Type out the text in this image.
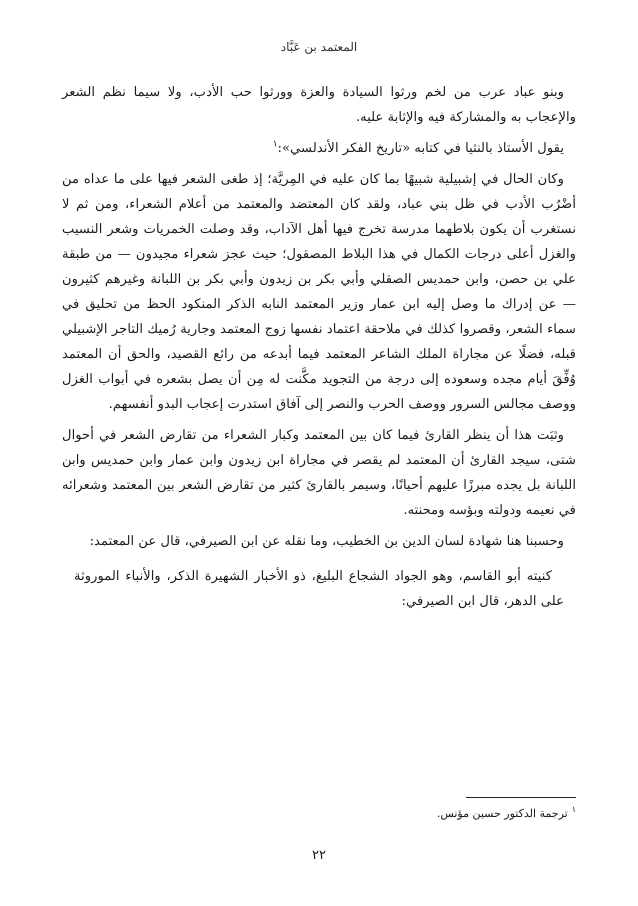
المعتمد بن عَبَّاد

وبنو عباد عرب من لخم ورثوا السيادة والعزة وورثوا حب الأدب، ولا سيما نظم الشعر والإعجاب به والمشاركة فيه والإثابة عليه.

يقول الأستاذ بالنثيا في كتابه «تاريخ الفكر الأندلسي»:$^١$

وكان الحال في إشبيلية شبيهًا بما كان عليه في المِريَّة؛ إذ طغى الشعر فيها على ما عداه من أضْرُب الأدب في ظل بني عباد، ولقد كان المعتضد والمعتمد من أعلام الشعراء، ومن ثم لا نستغرب أن يكون بلاطهما مدرسة تخرج فيها أهل الآداب، وقد وصلت الخمريات وشعر النسيب والغزل أعلى درجات الكمال في هذا البلاط المصقول؛ حيث عجز شعراء مجيدون — من طبقة علي بن حصن، وابن حمديس الصقلي وأبي بكر بن زيدون وأبي بكر بن اللبانة وغيرهم كثيرون — عن إدراك ما وصل إليه ابن عمار وزير المعتمد النابه الذكر المنكود الحظ من تحليق في سماء الشعر، وقصروا كذلك في ملاحقة اعتماد نفسها زوج المعتمد وجارية رُميك التاجر الإشبيلي قبله، فضلًا عن مجاراة الملك الشاعر المعتمد فيما أبدعه من رائع القصيد، والحق أن المعتمد وُفِّقَ أيام مجده وسعوده إلى درجة من التجويد مكَّنت له مِن أن يصل بشعره في أبواب الغزل ووصف مجالس السرور ووصف الحرب والنصر إلى آفاق استدرت إعجاب البدو أنفسهم.

وثبَت هذا أن ينظر القارئ فيما كان بين المعتمد وكبار الشعراء من تقارض الشعر في أحوال شتى، سيجد القارئ أن المعتمد لم يقصر في مجاراة ابن زيدون وابن عمار وابن حمديس وابن اللبانة بل يجده مبرزًا عليهم أحيانًا، وسيمر بالقارئ كثير من تقارض الشعر بين المعتمد وشعرائه في نعيمه ودولته وبؤسه ومحنته.

وحسبنا هنا شهادة لسان الدين بن الخطيب، وما نقله عن ابن الصيرفي، قال عن المعتمد:

كنيته أبو القاسم، وهو الجواد الشجاع البليغ، ذو الأخبار الشهيرة الذكر، والأنباء الموروثة على الدهر، قال ابن الصيرفي:

$^١$ترجمة الدكتور حسين مؤنس.
٢٢
